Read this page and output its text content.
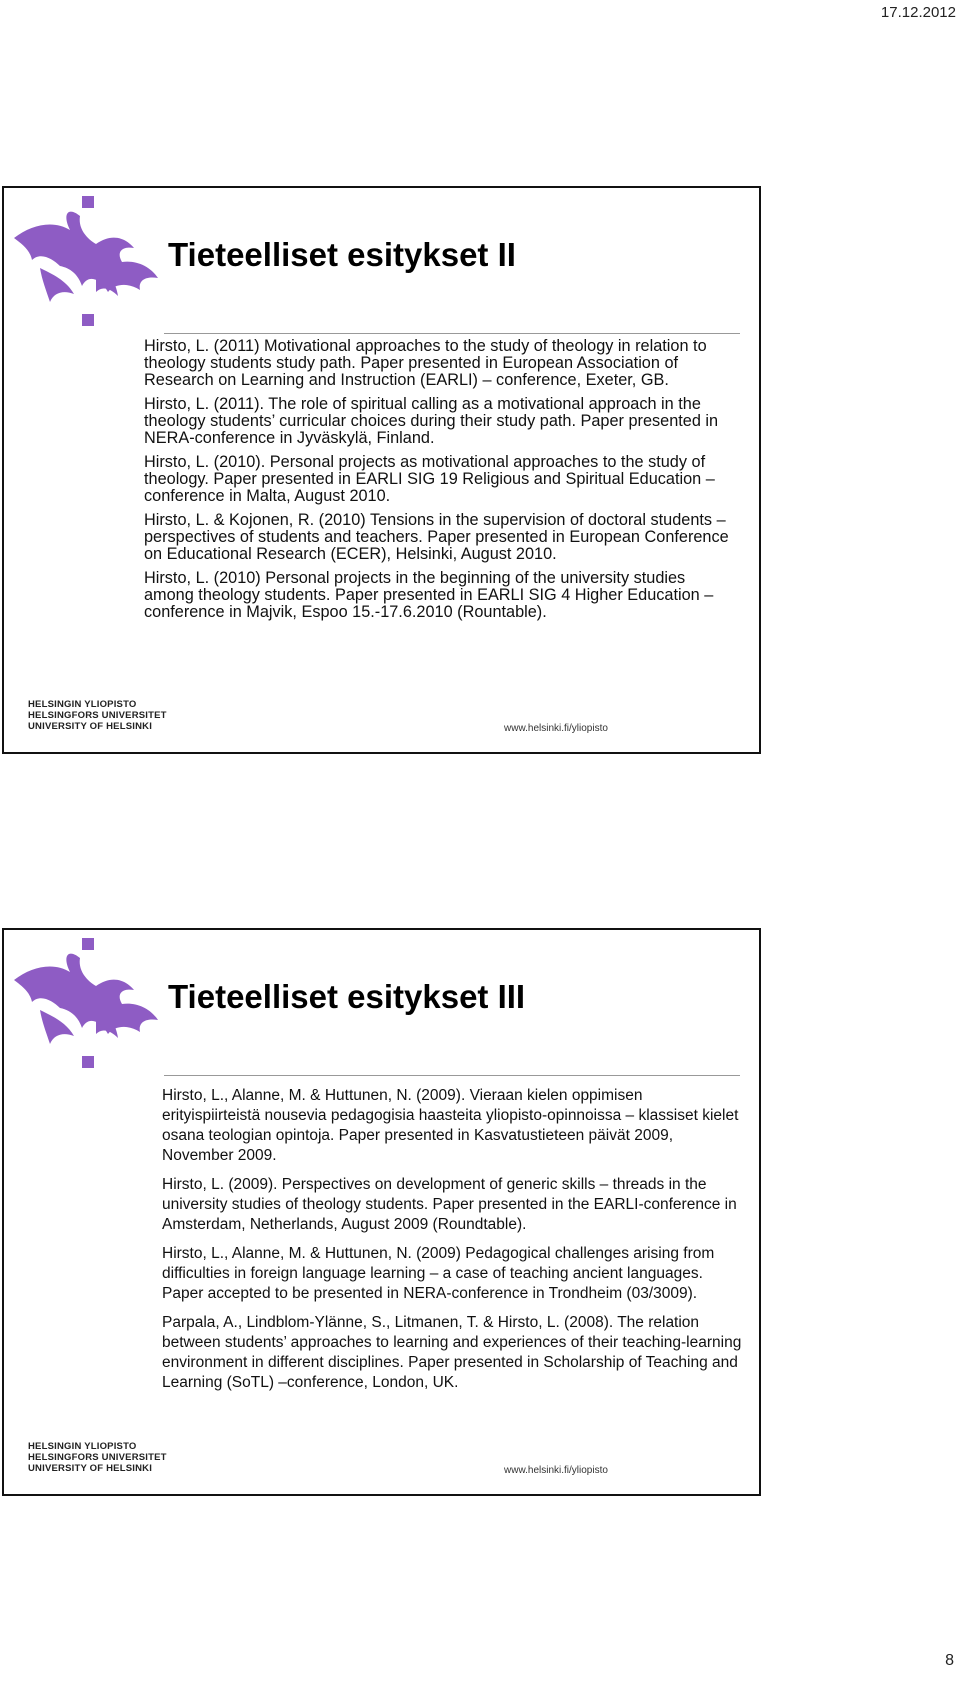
17.12.2012
Tieteelliset esitykset II
Hirsto, L. (2011) Motivational approaches to the study of theology in relation to theology students study path. Paper presented in European Association of Research on Learning and Instruction (EARLI) – conference, Exeter, GB.
Hirsto, L. (2011). The role of spiritual calling as a motivational approach in the theology students’ curricular choices during their study path. Paper presented in NERA-conference in Jyväskylä, Finland.
Hirsto, L. (2010). Personal projects as motivational approaches to the study of theology. Paper presented in EARLI SIG 19 Religious and Spiritual Education –conference in Malta, August 2010.
Hirsto, L. & Kojonen, R. (2010) Tensions in the supervision of doctoral students – perspectives of students and teachers. Paper presented in European Conference on Educational Research (ECER), Helsinki, August 2010.
Hirsto, L. (2010) Personal projects in the beginning of the university studies among theology students. Paper presented in EARLI SIG 4 Higher Education –conference in Majvik, Espoo 15.-17.6.2010 (Rountable).
HELSINGIN YLIOPISTO
HELSINGFORS UNIVERSITET
UNIVERSITY OF HELSINKI	www.helsinki.fi/yliopisto
Tieteelliset esitykset III
Hirsto, L., Alanne, M. & Huttunen, N. (2009). Vieraan kielen oppimisen erityispiirteistä nousevia pedagogisia haasteita yliopisto-opinnoissa – klassiset kielet osana teologian opintoja. Paper presented in Kasvatustieteen päivät 2009, November 2009.
Hirsto, L. (2009). Perspectives on development of generic skills – threads in the university studies of theology students. Paper presented in the EARLI-conference in Amsterdam, Netherlands, August 2009 (Roundtable).
Hirsto, L., Alanne, M. & Huttunen, N. (2009) Pedagogical challenges arising from difficulties in foreign language learning – a case of teaching ancient languages. Paper accepted to be presented in NERA-conference in Trondheim (03/3009).
Parpala, A., Lindblom-Ylänne, S., Litmanen, T. & Hirsto, L. (2008). The relation between students’ approaches to learning and experiences of their teaching-learning environment in different disciplines. Paper presented in Scholarship of Teaching and Learning (SoTL) –conference, London, UK.
HELSINGIN YLIOPISTO
HELSINGFORS UNIVERSITET
UNIVERSITY OF HELSINKI	www.helsinki.fi/yliopisto
8
